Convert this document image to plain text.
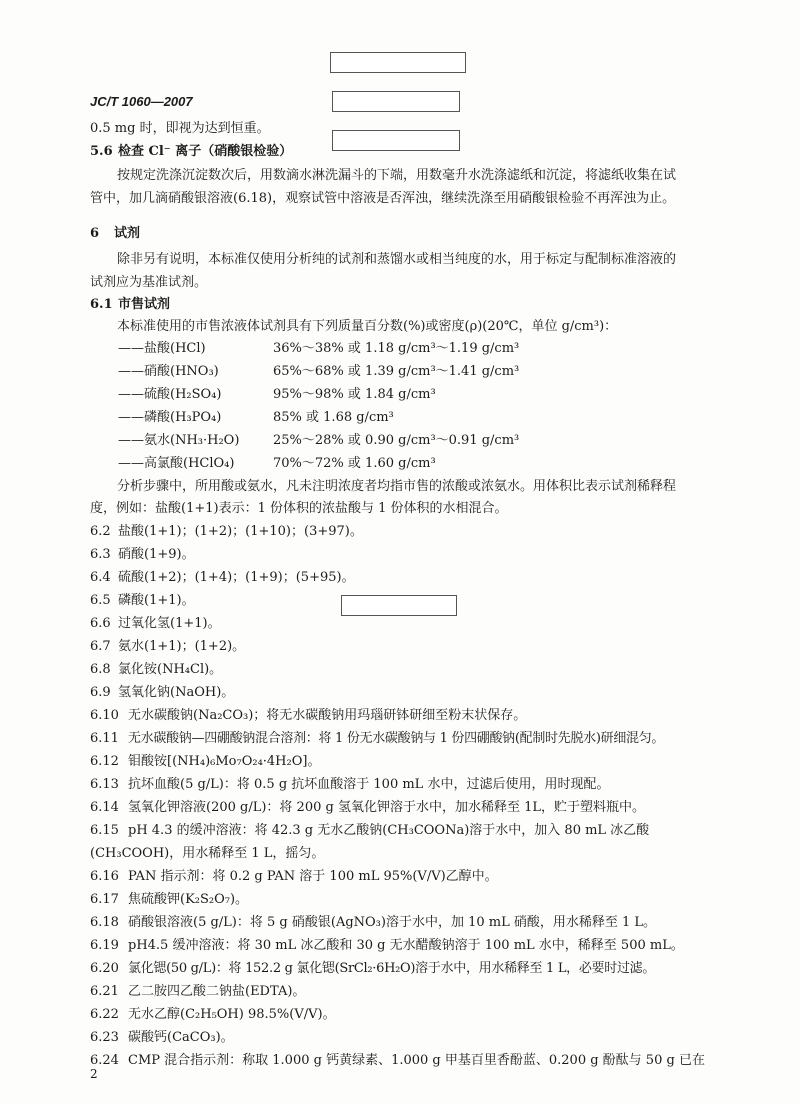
JC/T 1060—2007
0.5 mg 时，即视为达到恒重。
5.6 检查 Cl⁻ 离子（硝酸银检验）
按规定洗涤沉淀数次后，用数滴水淋洗漏斗的下端，用数毫升水洗涤滤纸和沉淀，将滤纸收集在试
管中，加几滴硝酸银溶液(6.18)，观察试管中溶液是否浑浊，继续洗涤至用硝酸银检验不再浑浊为止。
6 试剂
除非另有说明，本标准仅使用分析纯的试剂和蒸馏水或相当纯度的水，用于标定与配制标准溶液的
试剂应为基准试剂。
6.1 市售试剂
本标准使用的市售浓液体试剂具有下列质量百分数(%)或密度(ρ)(20℃，单位 g/cm³)：
——盐酸(HCl)	36%～38% 或 1.18 g/cm³～1.19 g/cm³
——硝酸(HNO₃)	65%～68% 或 1.39 g/cm³～1.41 g/cm³
——硫酸(H₂SO₄)	95%～98% 或 1.84 g/cm³
——磷酸(H₃PO₄)	85% 或 1.68 g/cm³
——氨水(NH₃·H₂O)	25%～28% 或 0.90 g/cm³～0.91 g/cm³
——高氯酸(HClO₄)	70%～72% 或 1.60 g/cm³
分析步骤中，所用酸或氨水，凡未注明浓度者均指市售的浓酸或浓氨水。用体积比表示试剂稀释程
度，例如：盐酸(1+1)表示：1 份体积的浓盐酸与 1 份体积的水相混合。
6.2 盐酸(1+1)；(1+2)；(1+10)；(3+97)。
6.3 硝酸(1+9)。
6.4 硫酸(1+2)；(1+4)；(1+9)；(5+95)。
6.5 磷酸(1+1)。
6.6 过氧化氢(1+1)。
6.7 氨水(1+1)；(1+2)。
6.8 氯化铵(NH₄Cl)。
6.9 氢氧化钠(NaOH)。
6.10 无水碳酸钠(Na₂CO₃)；将无水碳酸钠用玛瑙研钵研细至粉末状保存。
6.11 无水碳酸钠—四硼酸钠混合溶剂：将 1 份无水碳酸钠与 1 份四硼酸钠(配制时先脱水)研细混匀。
6.12 钼酸铵[(NH₄)₆Mo₇O₂₄·4H₂O]。
6.13 抗坏血酸(5 g/L)：将 0.5 g 抗坏血酸溶于 100 mL 水中，过滤后使用，用时现配。
6.14 氢氧化钾溶液(200 g/L)：将 200 g 氢氧化钾溶于水中，加水稀释至 1L，贮于塑料瓶中。
6.15 pH 4.3 的缓冲溶液：将 42.3 g 无水乙酸钠(CH₃COONa)溶于水中，加入 80 mL 冰乙酸
(CH₃COOH)，用水稀释至 1 L，摇匀。
6.16 PAN 指示剂：将 0.2 g PAN 溶于 100 mL 95%(V/V)乙醇中。
6.17 焦硫酸钾(K₂S₂O₇)。
6.18 硝酸银溶液(5 g/L)：将 5 g 硝酸银(AgNO₃)溶于水中，加 10 mL 硝酸，用水稀释至 1 L。
6.19 pH4.5 缓冲溶液：将 30 mL 冰乙酸和 30 g 无水醋酸钠溶于 100 mL 水中，稀释至 500 mL。
6.20 氯化锶(50 g/L)：将 152.2 g 氯化锶(SrCl₂·6H₂O)溶于水中，用水稀释至 1 L，必要时过滤。
6.21 乙二胺四乙酸二钠盐(EDTA)。
6.22 无水乙醇(C₂H₅OH) 98.5%(V/V)。
6.23 碳酸钙(CaCO₃)。
6.24 CMP 混合指示剂：称取 1.000 g 钙黄绿素、1.000 g 甲基百里香酚蓝、0.200 g 酚酞与 50 g 已在
2
